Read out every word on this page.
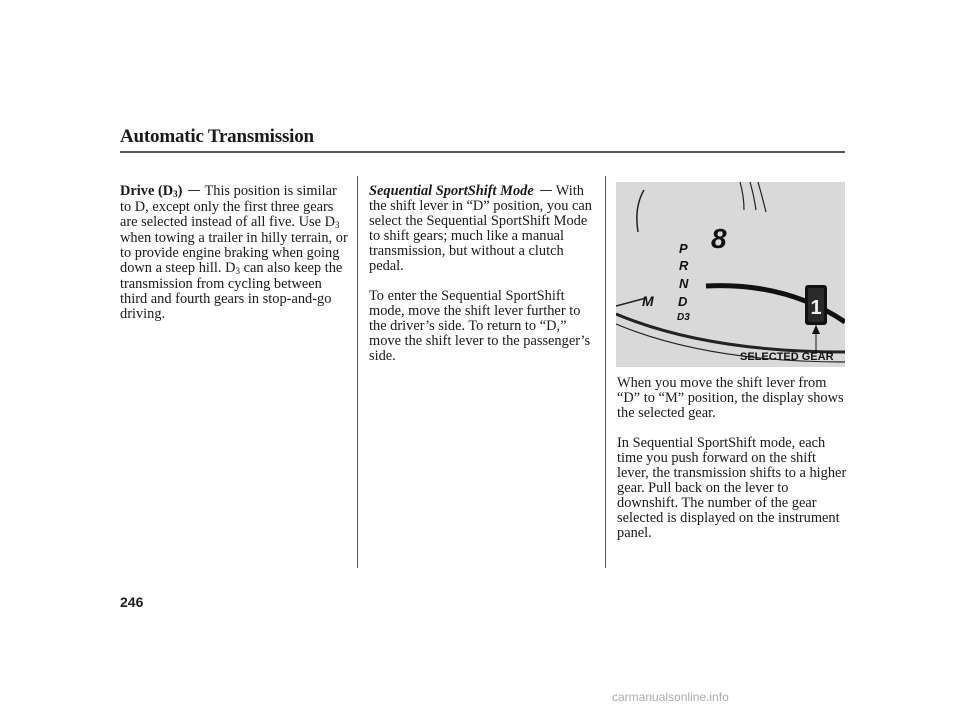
Automatic Transmission

Drive (D3) This position is similar to D, except only the first three gears are selected instead of all five. Use D3 when towing a trailer in hilly terrain, or to provide engine braking when going down a steep hill. D3 can also keep the transmission from cycling between third and fourth gears in stop-and-go driving.

Sequential SportShift Mode With the shift lever in “D” position, you can select the Sequential SportShift Mode to shift gears; much like a manual transmission, but without a clutch pedal.

To enter the Sequential SportShift mode, move the shift lever further to the driver’s side. To return to “D,” move the shift lever to the passenger’s side.

8
P
R
N
D
D3
M	1
SELECTED GEAR

When you move the shift lever from “D” to “M” position, the display shows the selected gear.

In Sequential SportShift mode, each time you push forward on the shift lever, the transmission shifts to a higher gear. Pull back on the lever to downshift. The number of the gear selected is displayed on the instrument panel.

246
carmanualsonline.info
